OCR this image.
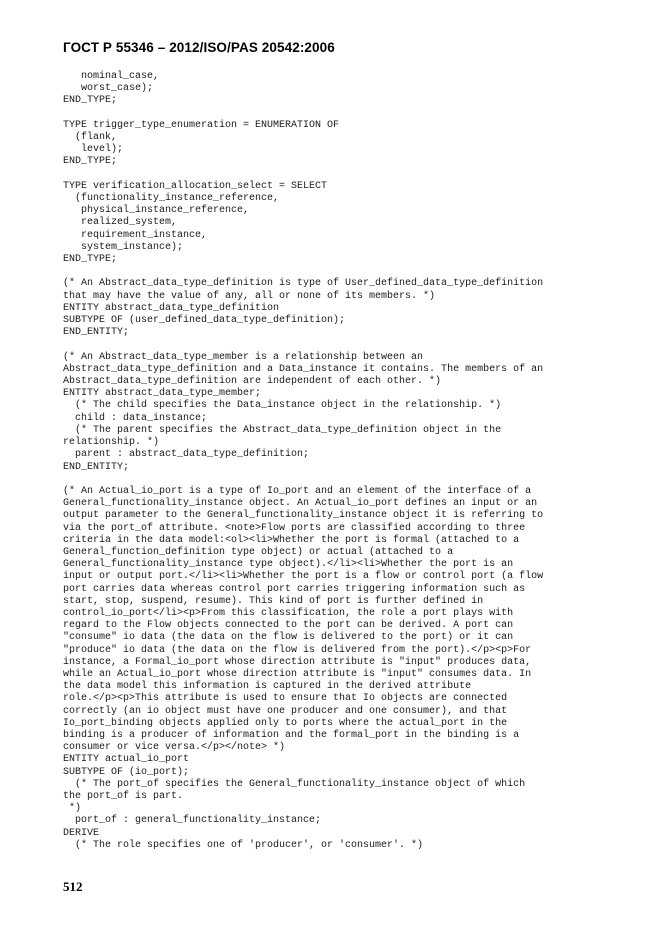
ГОСТ Р 55346 – 2012/ISO/PAS 20542:2006
nominal_case,
worst_case);
END_TYPE;

TYPE trigger_type_enumeration = ENUMERATION OF
(flank,
level);
END_TYPE;

TYPE verification_allocation_select = SELECT
(functionality_instance_reference,
physical_instance_reference,
realized_system,
requirement_instance,
system_instance);
END_TYPE;

(* An Abstract_data_type_definition is type of User_defined_data_type_definition
that may have the value of any, all or none of its members. *)
ENTITY abstract_data_type_definition
SUBTYPE OF (user_defined_data_type_definition);
END_ENTITY;

(* An Abstract_data_type_member is a relationship between an
Abstract_data_type_definition and a Data_instance it contains. The members of an
Abstract_data_type_definition are independent of each other. *)
ENTITY abstract_data_type_member;
(* The child specifies the Data_instance object in the relationship. *)
child : data_instance;
(* The parent specifies the Abstract_data_type_definition object in the
relationship. *)
parent : abstract_data_type_definition;
END_ENTITY;

(* An Actual_io_port is a type of Io_port and an element of the interface of a
General_functionality_instance object. An Actual_io_port defines an input or an
output parameter to the General_functionality_instance object it is referring to
via the port_of attribute. <note>Flow ports are classified according to three
criteria in the data model:<ol><li>Whether the port is formal (attached to a
General_function_definition type object) or actual (attached to a
General_functionality_instance type object).</li><li>Whether the port is an
input or output port.</li><li>Whether the port is a flow or control port (a flow
port carries data whereas control port carries triggering information such as
start, stop, suspend, resume). This kind of port is further defined in
control_io_port</li><p>From this classification, the role a port plays with
regard to the Flow objects connected to the port can be derived. A port can
"consume" io data (the data on the flow is delivered to the port) or it can
"produce" io data (the data on the flow is delivered from the port).</p><p>For
instance, a Formal_io_port whose direction attribute is "input" produces data,
while an Actual_io_port whose direction attribute is "input" consumes data. In
the data model this information is captured in the derived attribute
role.</p><p>This attribute is used to ensure that Io objects are connected
correctly (an io object must have one producer and one consumer), and that
Io_port_binding objects applied only to ports where the actual_port in the
binding is a producer of information and the formal_port in the binding is a
consumer or vice versa.</p></note> *)
ENTITY actual_io_port
SUBTYPE OF (io_port);
(* The port_of specifies the General_functionality_instance object of which
the port_of is part.
*)
port_of : general_functionality_instance;
DERIVE
(* The role specifies one of 'producer', or 'consumer'. *)

512
